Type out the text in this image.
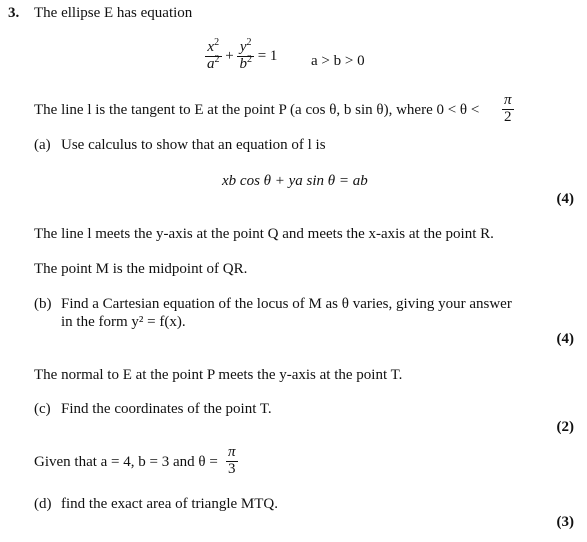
3. The ellipse E has equation
$\frac{x^2}{a^2} + \frac{y^2}{b^2} = 1$ a > b > 0
The line l is the tangent to E at the point P (a cos θ, b sin θ), where $0 < \theta < \frac{\pi}{2}$
(a) Use calculus to show that an equation of l is
xb cos θ + ya sin θ = ab
(4)
The line l meets the y-axis at the point Q and meets the x-axis at the point R.
The point M is the midpoint of QR.
(b) Find a Cartesian equation of the locus of M as θ varies, giving your answer
in the form y² = f(x).
(4)
The normal to E at the point P meets the y-axis at the point T.
(c) Find the coordinates of the point T.
(2)
Given that a = 4, b = 3 and $\theta = \frac{\pi}{3}$
(d) find the exact area of triangle MTQ.
(3)
